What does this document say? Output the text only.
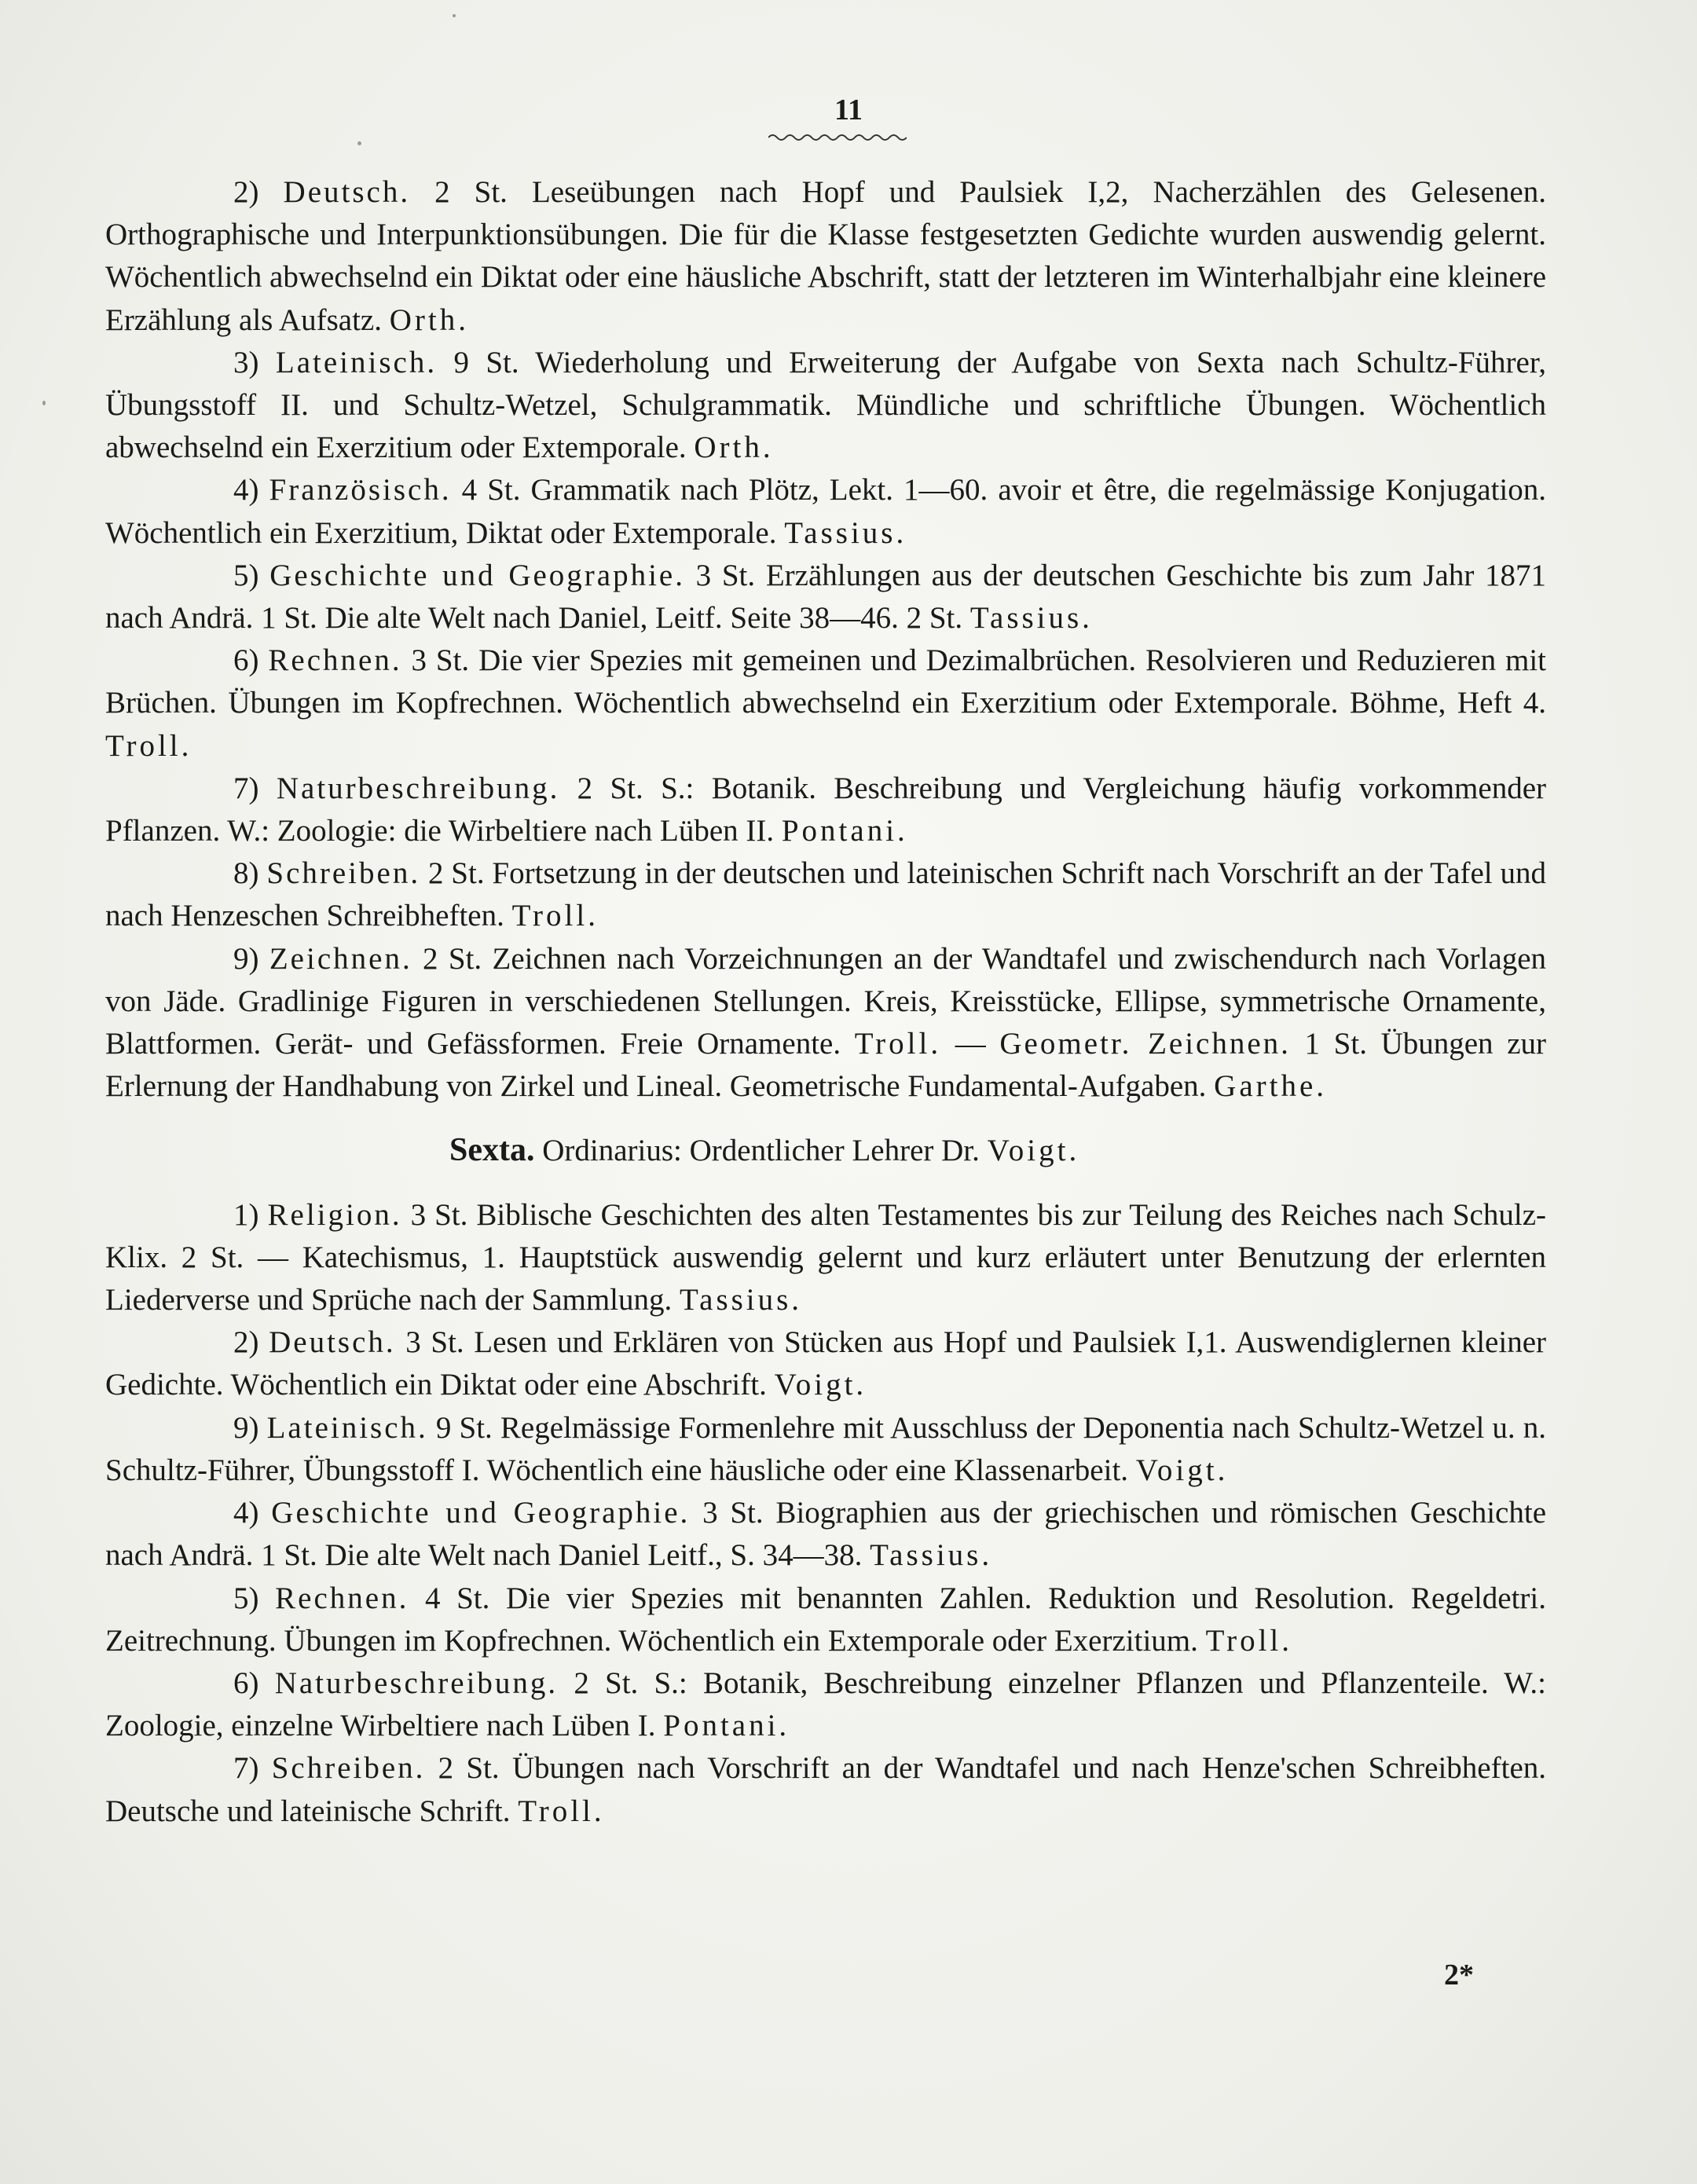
11

2) Deutsch. 2 St. Leseübungen nach Hopf und Paulsiek I,2, Nacherzählen des Gelesenen. Orthographische und Interpunktionsübungen. Die für die Klasse festgesetzten Gedichte wurden auswendig gelernt. Wöchentlich abwechselnd ein Diktat oder eine häusliche Abschrift, statt der letzteren im Winterhalbjahr eine kleinere Erzählung als Aufsatz. Orth.

3) Lateinisch. 9 St. Wiederholung und Erweiterung der Aufgabe von Sexta nach Schultz-Führer, Übungsstoff II. und Schultz-Wetzel, Schulgrammatik. Mündliche und schriftliche Übungen. Wöchentlich abwechselnd ein Exerzitium oder Extemporale. Orth.

4) Französisch. 4 St. Grammatik nach Plötz, Lekt. 1—60. avoir et être, die regelmässige Konjugation. Wöchentlich ein Exerzitium, Diktat oder Extemporale. Tassius.

5) Geschichte und Geographie. 3 St. Erzählungen aus der deutschen Geschichte bis zum Jahr 1871 nach Andrä. 1 St. Die alte Welt nach Daniel, Leitf. Seite 38—46. 2 St. Tassius.

6) Rechnen. 3 St. Die vier Spezies mit gemeinen und Dezimalbrüchen. Resolvieren und Reduzieren mit Brüchen. Übungen im Kopfrechnen. Wöchentlich abwechselnd ein Exerzitium oder Extemporale. Böhme, Heft 4. Troll.

7) Naturbeschreibung. 2 St. S.: Botanik. Beschreibung und Vergleichung häufig vorkommender Pflanzen. W.: Zoologie: die Wirbeltiere nach Lüben II. Pontani.

8) Schreiben. 2 St. Fortsetzung in der deutschen und lateinischen Schrift nach Vorschrift an der Tafel und nach Henzeschen Schreibheften. Troll.

9) Zeichnen. 2 St. Zeichnen nach Vorzeichnungen an der Wandtafel und zwischendurch nach Vorlagen von Jäde. Gradlinige Figuren in verschiedenen Stellungen. Kreis, Kreisstücke, Ellipse, symmetrische Ornamente, Blattformen. Gerät- und Gefässformen. Freie Ornamente. Troll. — Geometr. Zeichnen. 1 St. Übungen zur Erlernung der Handhabung von Zirkel und Lineal. Geometrische Fundamental-Aufgaben. Garthe.

Sexta. Ordinarius: Ordentlicher Lehrer Dr. Voigt.

1) Religion. 3 St. Biblische Geschichten des alten Testamentes bis zur Teilung des Reiches nach Schulz-Klix. 2 St. — Katechismus, 1. Hauptstück auswendig gelernt und kurz erläutert unter Benutzung der erlernten Liederverse und Sprüche nach der Sammlung. Tassius.

2) Deutsch. 3 St. Lesen und Erklären von Stücken aus Hopf und Paulsiek I,1. Auswendiglernen kleiner Gedichte. Wöchentlich ein Diktat oder eine Abschrift. Voigt.

9) Lateinisch. 9 St. Regelmässige Formenlehre mit Ausschluss der Deponentia nach Schultz-Wetzel u. n. Schultz-Führer, Übungsstoff I. Wöchentlich eine häusliche oder eine Klassenarbeit. Voigt.

4) Geschichte und Geographie. 3 St. Biographien aus der griechischen und römischen Geschichte nach Andrä. 1 St. Die alte Welt nach Daniel Leitf., S. 34—38. Tassius.

5) Rechnen. 4 St. Die vier Spezies mit benannten Zahlen. Reduktion und Resolution. Regeldetri. Zeitrechnung. Übungen im Kopfrechnen. Wöchentlich ein Extemporale oder Exerzitium. Troll.

6) Naturbeschreibung. 2 St. S.: Botanik, Beschreibung einzelner Pflanzen und Pflanzenteile. W.: Zoologie, einzelne Wirbeltiere nach Lüben I. Pontani.

7) Schreiben. 2 St. Übungen nach Vorschrift an der Wandtafel und nach Henze'schen Schreibheften. Deutsche und lateinische Schrift. Troll.

2*
